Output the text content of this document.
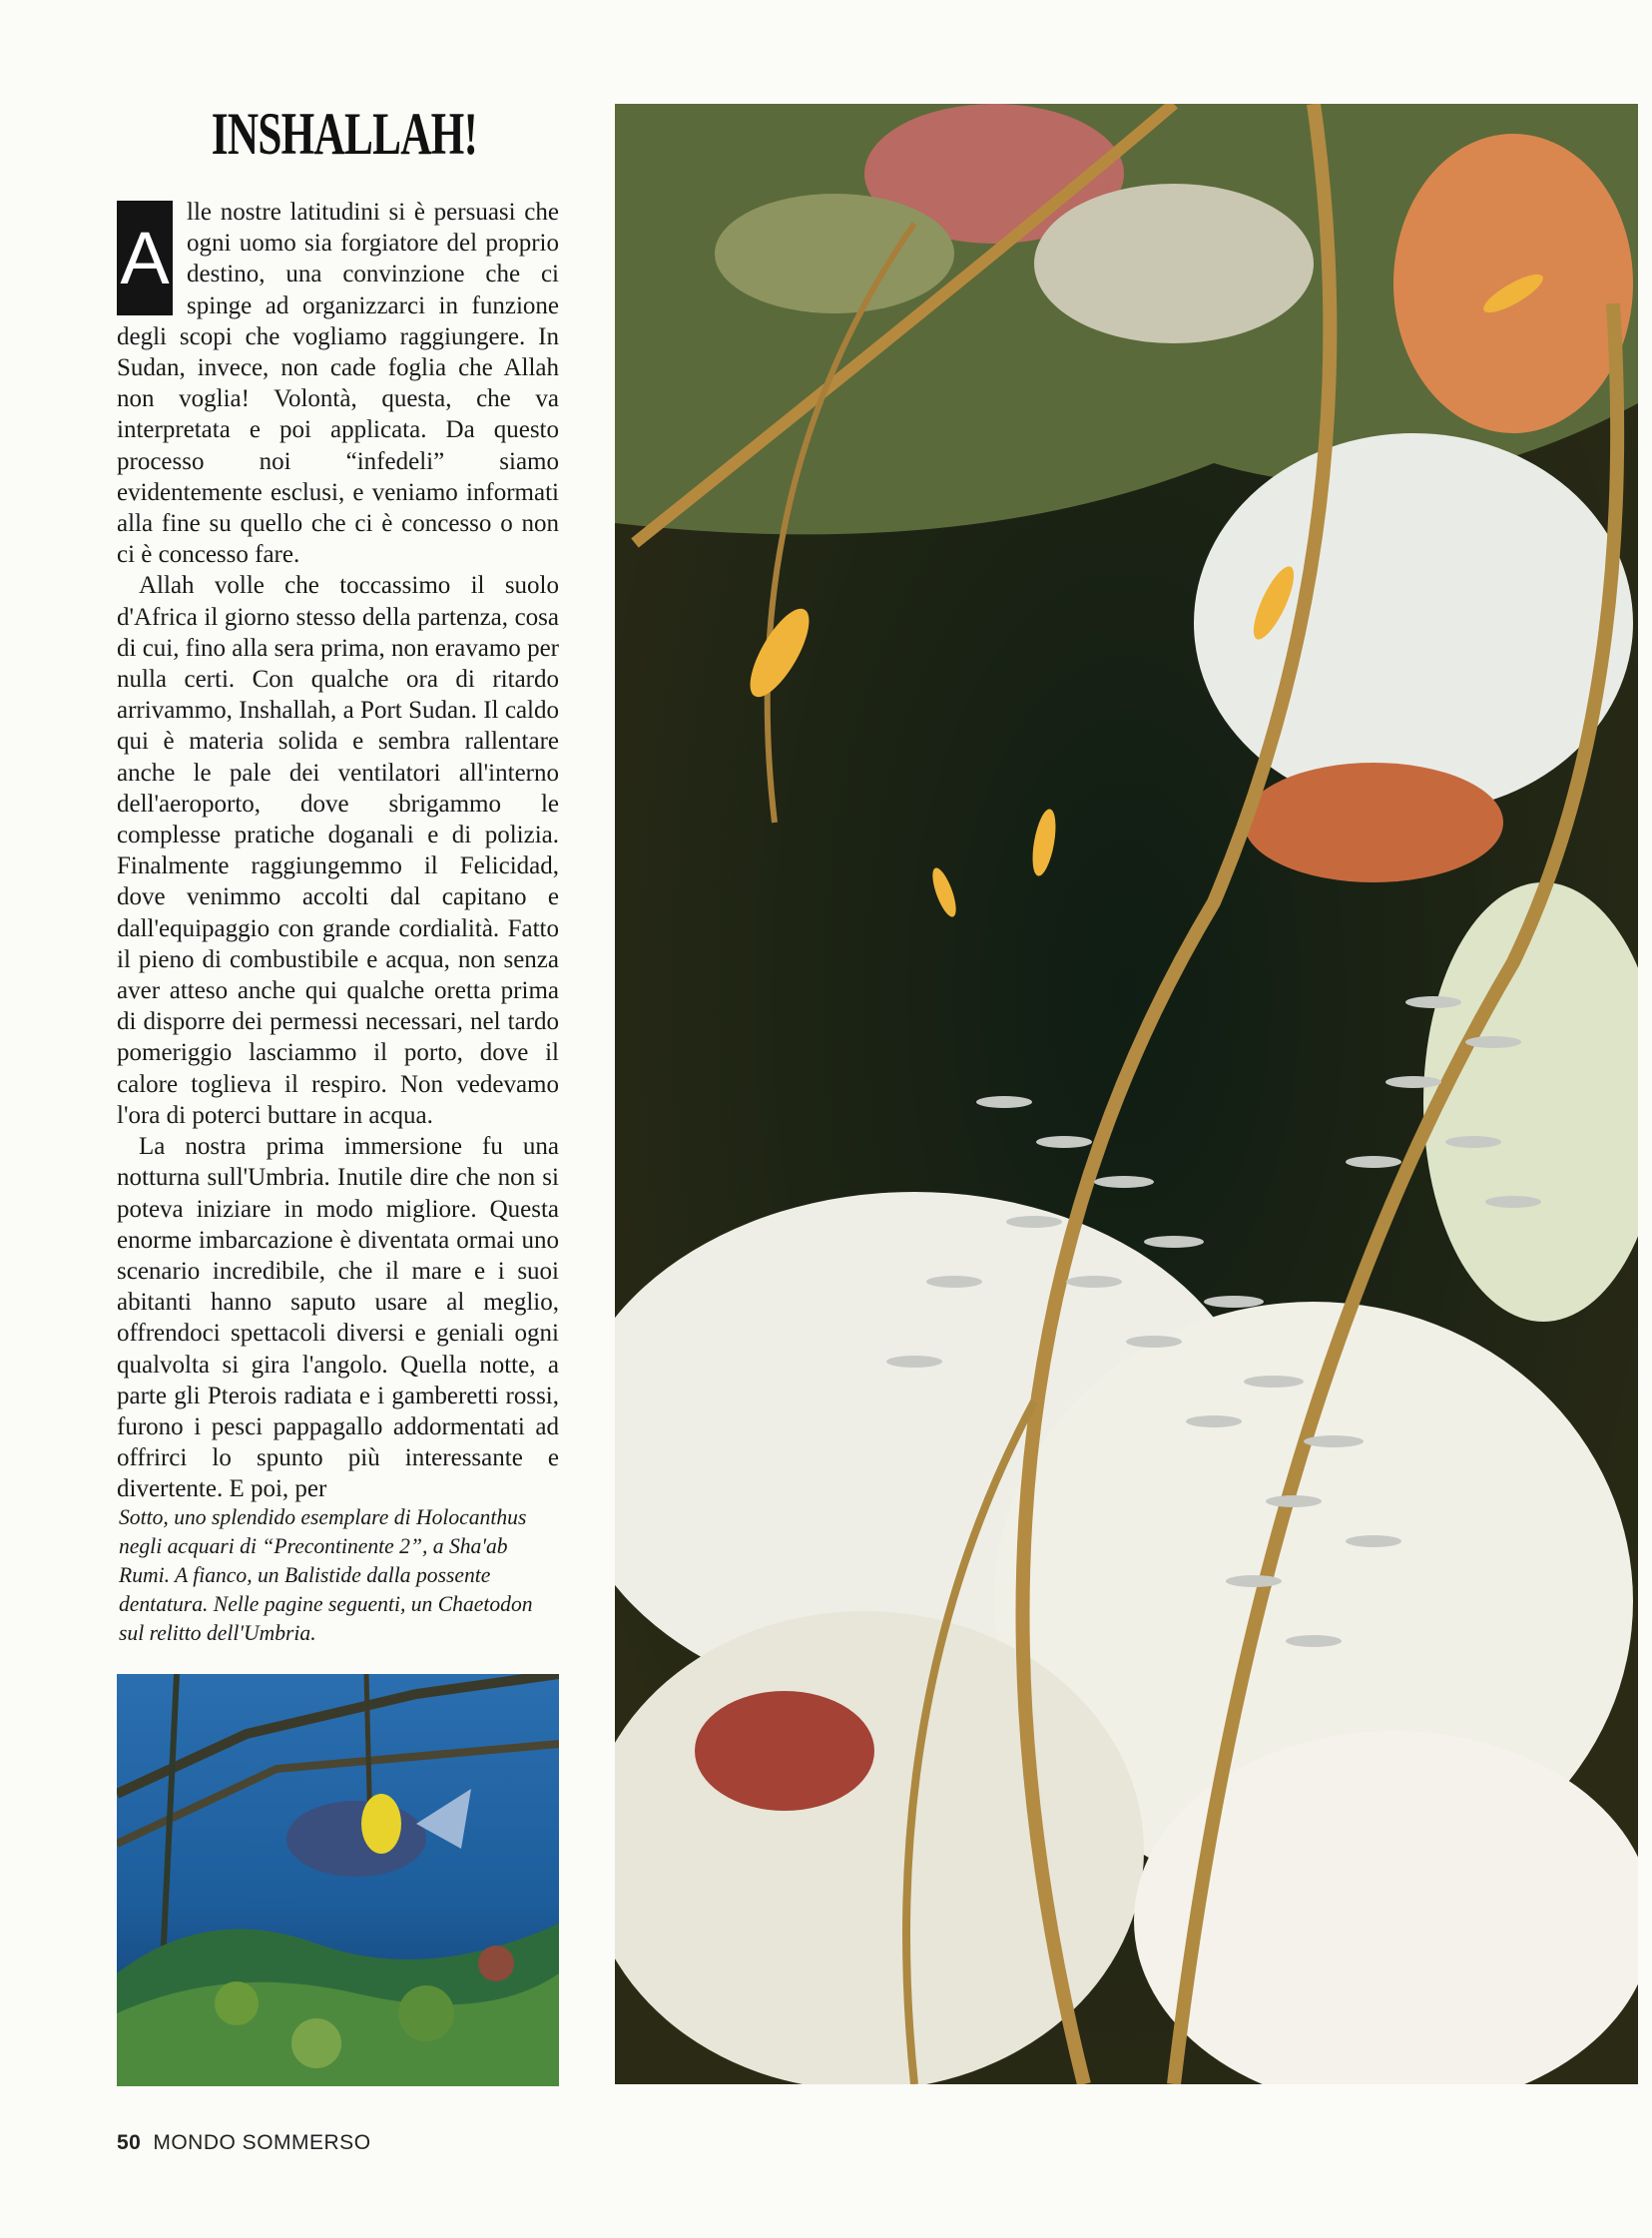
INSHALLAH!

A
lle nostre latitudini si è persuasi che ogni uomo sia forgiatore del proprio destino, una convinzione che ci spinge ad organizzarci in funzione degli scopi che vogliamo raggiungere. In Sudan, invece, non cade foglia che Allah non voglia! Volontà, questa, che va interpretata e poi applicata. Da questo processo noi “infedeli” siamo evidentemente esclusi, e veniamo informati alla fine su quello che ci è concesso o non ci è concesso fare.

Allah volle che toccassimo il suolo d'Africa il giorno stesso della partenza, cosa di cui, fino alla sera prima, non eravamo per nulla certi. Con qualche ora di ritardo arrivammo, Inshallah, a Port Sudan. Il caldo qui è materia solida e sembra rallentare anche le pale dei ventilatori all'interno dell'aeroporto, dove sbrigammo le complesse pratiche doganali e di polizia. Finalmente raggiungemmo il Felicidad, dove venimmo accolti dal capitano e dall'equipaggio con grande cordialità. Fatto il pieno di combustibile e acqua, non senza aver atteso anche qui qualche oretta prima di disporre dei permessi necessari, nel tardo pomeriggio lasciammo il porto, dove il calore toglieva il respiro. Non vedevamo l'ora di poterci buttare in acqua.

La nostra prima immersione fu una notturna sull'Umbria. Inutile dire che non si poteva iniziare in modo migliore. Questa enorme imbarcazione è diventata ormai uno scenario incredibile, che il mare e i suoi abitanti hanno saputo usare al meglio, offrendoci spettacoli diversi e geniali ogni qualvolta si gira l'angolo. Quella notte, a parte gli Pterois radiata e i gamberetti rossi, furono i pesci pappagallo addormentati ad offrirci lo spunto più interessante e divertente. E poi, per

Sotto, uno splendido esemplare di Holocanthus negli acquari di “Precontinente 2”, a Sha'ab Rumi. A fianco, un Balistide dalla possente dentatura. Nelle pagine seguenti, un Chaetodon sul relitto dell'Umbria.
50 MONDO SOMMERSO
